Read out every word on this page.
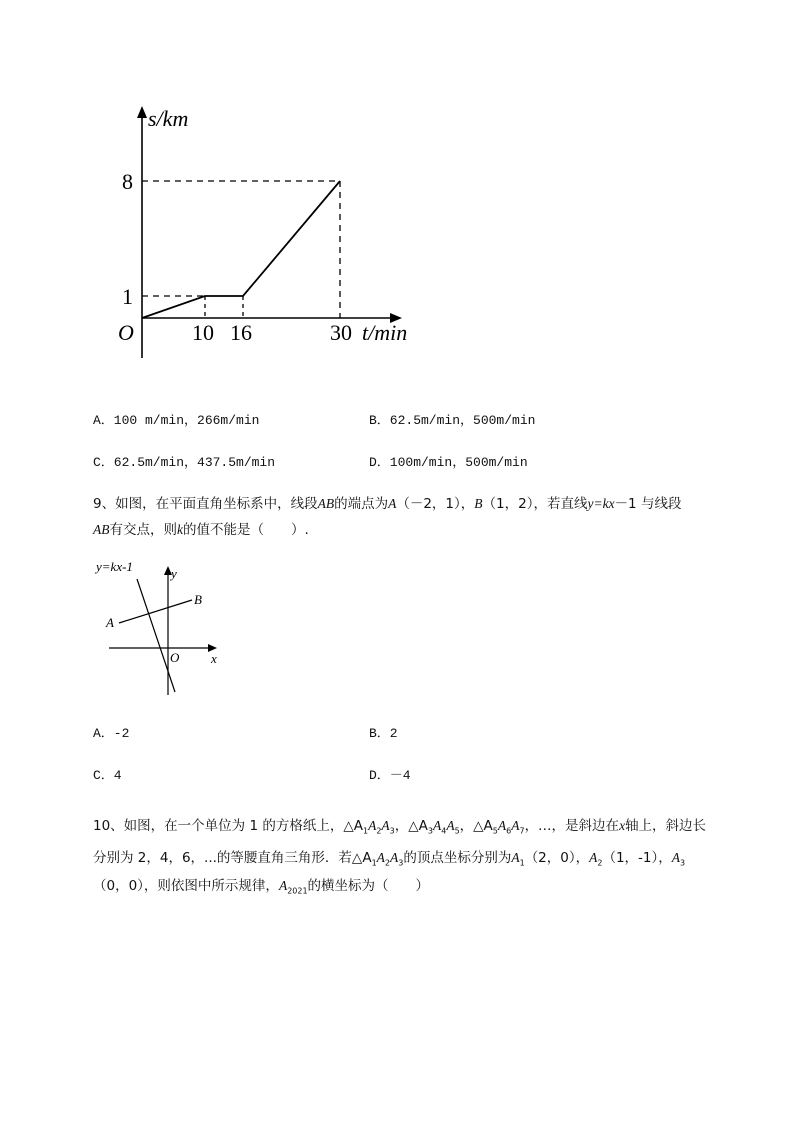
s/km
t/min
O
8
1
10 16	30
A．100 m/min，266m/min	B．62.5m/min，500m/min
C．62.5m/min，437.5m/min	D．100m/min，500m/min
9、如图，在平面直角坐标系中，线段AB的端点为A（－2，1），B（1，2），若直线y=kx－1 与线段
AB有交点，则k的值不能是（　　）.
y=kx-1	y
x
O
A
B
A．-2	B．2
C．4	D．－4
10、如图，在一个单位为 1 的方格纸上，$\triangle A_1A_2A_3$，$\triangle A_3A_4A_5$，$\triangle A_5A_6A_7$，…，是斜边在x轴上，斜边长
分别为 2，4，6，...的等腰直角三角形．若$\triangle A_1A_2A_3$的顶点坐标分别为$A_1(2$，0），$A_2(1$，-1），$A_3$
（0，0），则依图中所示规律，$A_{2021}$的横坐标为（　　）
